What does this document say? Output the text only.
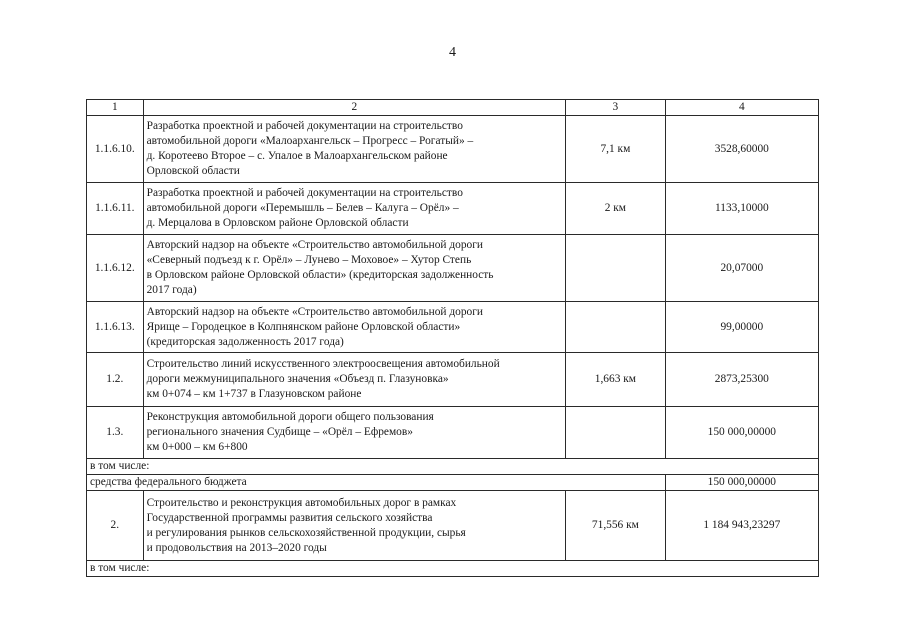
4
1	2	3	4
1.1.6.10.	Разработка проектной и рабочей документации на строительство
автомобильной дороги «Малоархангельск – Прогресс – Рогатый» –
д. Коротеево Второе – с. Упалое в Малоархангельском районе
Орловской области	7,1 км	3528,60000
1.1.6.11.	Разработка проектной и рабочей документации на строительство
автомобильной дороги «Перемышль – Белев – Калуга – Орёл» –
д. Мерцалова в Орловском районе Орловской области	2 км	1133,10000
1.1.6.12.	Авторский надзор на объекте «Строительство автомобильной дороги
«Северный подъезд к г. Орёл» – Лунево – Моховое» – Хутор Степь
в Орловском районе Орловской области» (кредиторская задолженность
2017 года)		20,07000
1.1.6.13.	Авторский надзор на объекте «Строительство автомобильной дороги
Ярище – Городецкое в Колпнянском районе Орловской области»
(кредиторская задолженность 2017 года)		99,00000
1.2.	Строительство линий искусственного электроосвещения автомобильной
дороги межмуниципального значения «Объезд п. Глазуновка»
км 0+074 – км 1+737 в Глазуновском районе	1,663 км	2873,25300
1.3.	Реконструкция автомобильной дороги общего пользования
регионального значения Судбище – «Орёл – Ефремов»
км 0+000 – км 6+800		150 000,00000
в том числе:			
средства федерального бюджета			150 000,00000
2.	Строительство и реконструкция автомобильных дорог в рамках
Государственной программы развития сельского хозяйства
и регулирования рынков сельскохозяйственной продукции, сырья
и продовольствия на 2013–2020 годы	71,556 км	1 184 943,23297
в том числе:			
